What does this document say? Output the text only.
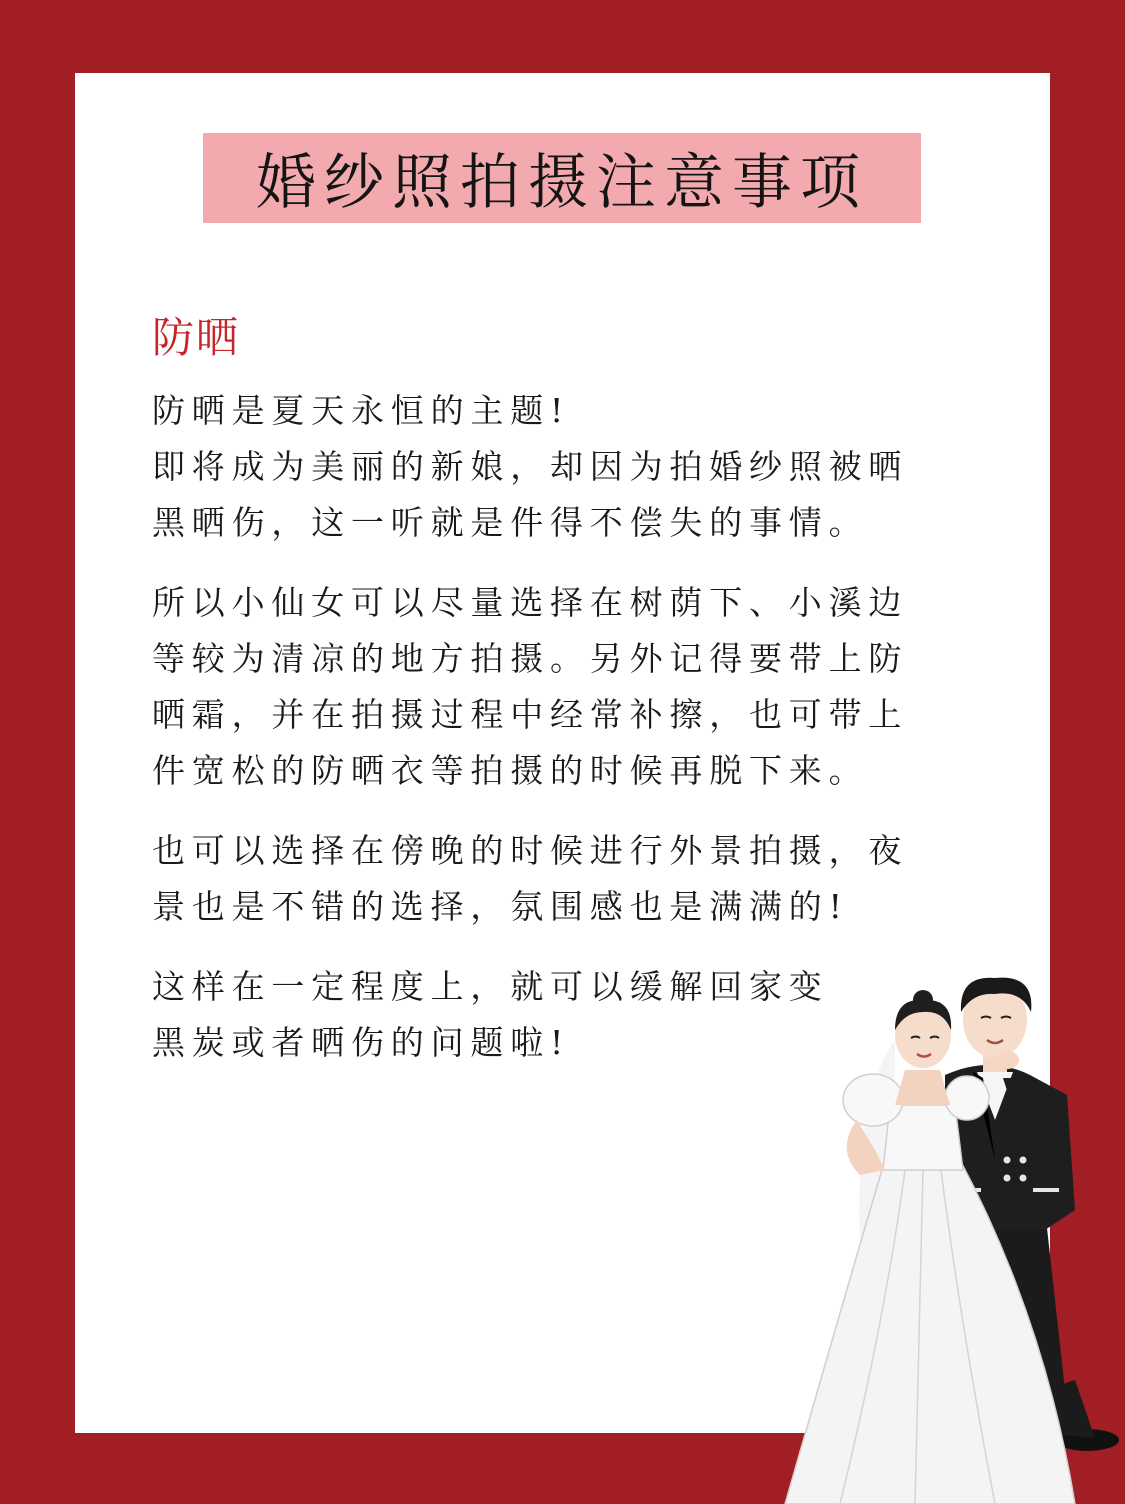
婚纱照拍摄注意事项
防晒
防晒是夏天永恒的主题!
即将成为美丽的新娘，却因为拍婚纱照被晒
黑晒伤，这一听就是件得不偿失的事情。
所以小仙女可以尽量选择在树荫下、小溪边
等较为清凉的地方拍摄。另外记得要带上防
晒霜，并在拍摄过程中经常补擦，也可带上
件宽松的防晒衣等拍摄的时候再脱下来。
也可以选择在傍晚的时候进行外景拍摄，夜
景也是不错的选择，氛围感也是满满的!
这样在一定程度上，就可以缓解回家变
黑炭或者晒伤的问题啦!
